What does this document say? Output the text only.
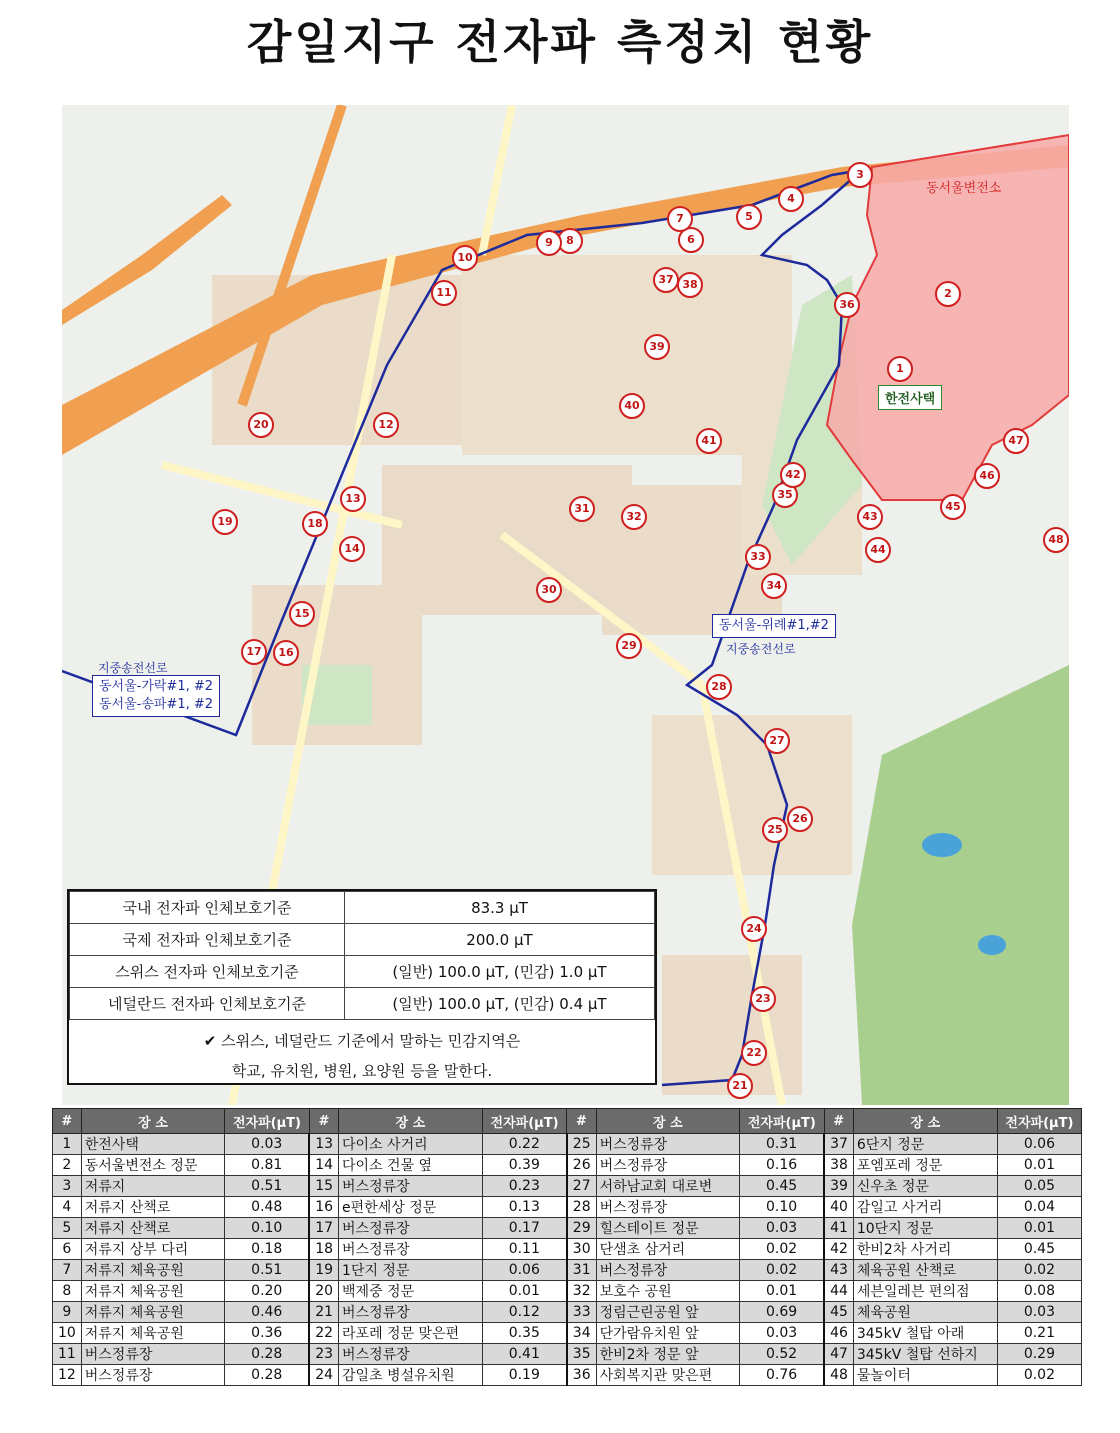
감일지구 전자파 측정치 현황
동서울변전소
한전사택
지중송전선로
동서울-가락#1, #2
동서울-송파#1, #2
동서울-위례#1,#2
지중송전선로
1
2
3
4
5
6
7
8
9
10
11
12
13
14
15
16
17
18
19
20
21
22
23
24
25
26
27
28
29
30
31
32
33
34
35
36
37 38
39
40
41
42
43
44
45
46
47
48
국내 전자파 인체보호기준	83.3 μT
국제 전자파 인체보호기준	200.0 μT
스위스 전자파 인체보호기준	(일반) 100.0 μT, (민감) 1.0 μT
네덜란드 전자파 인체보호기준	(일반) 100.0 μT, (민감) 0.4 μT
✔ 스위스, 네덜란드 기준에서 말하는 민감지역은
학교, 유치원, 병원, 요양원 등을 말한다.
#	장 소	전자파(μT)	#	장 소	전자파(μT)	#	장 소	전자파(μT)	#	장 소	전자파(μT)
1	한전사택	0.03	13	다이소 사거리	0.22	25	버스정류장	0.31	37	6단지 정문	0.06
2	동서울변전소 정문	0.81	14	다이소 건물 옆	0.39	26	버스정류장	0.16	38	포엠포레 정문	0.01
3	저류지	0.51	15	버스정류장	0.23	27	서하남교회 대로변	0.45	39	신우초 정문	0.05
4	저류지 산책로	0.48	16	e편한세상 정문	0.13	28	버스정류장	0.10	40	감일고 사거리	0.04
5	저류지 산책로	0.10	17	버스정류장	0.17	29	힐스테이트 정문	0.03	41	10단지 정문	0.01
6	저류지 상부 다리	0.18	18	버스정류장	0.11	30	단샘초 삼거리	0.02	42	한비2차 사거리	0.45
7	저류지 체육공원	0.51	19	1단지 정문	0.06	31	버스정류장	0.02	43	체육공원 산책로	0.02
8	저류지 체육공원	0.20	20	백제중 정문	0.01	32	보호수 공원	0.01	44	세븐일레븐 편의점	0.08
9	저류지 체육공원	0.46	21	버스정류장	0.12	33	정림근린공원 앞	0.69	45	체육공원	0.03
10	저류지 체육공원	0.36	22	라포레 정문 맞은편	0.35	34	단가람유치원 앞	0.03	46	345kV 철탑 아래	0.21
11	버스정류장	0.28	23	버스정류장	0.41	35	한비2차 정문 앞	0.52	47	345kV 철탑 선하지	0.29
12	버스정류장	0.28	24	감일초 병설유치원	0.19	36	사회복지관 맞은편	0.76	48	물놀이터	0.02
